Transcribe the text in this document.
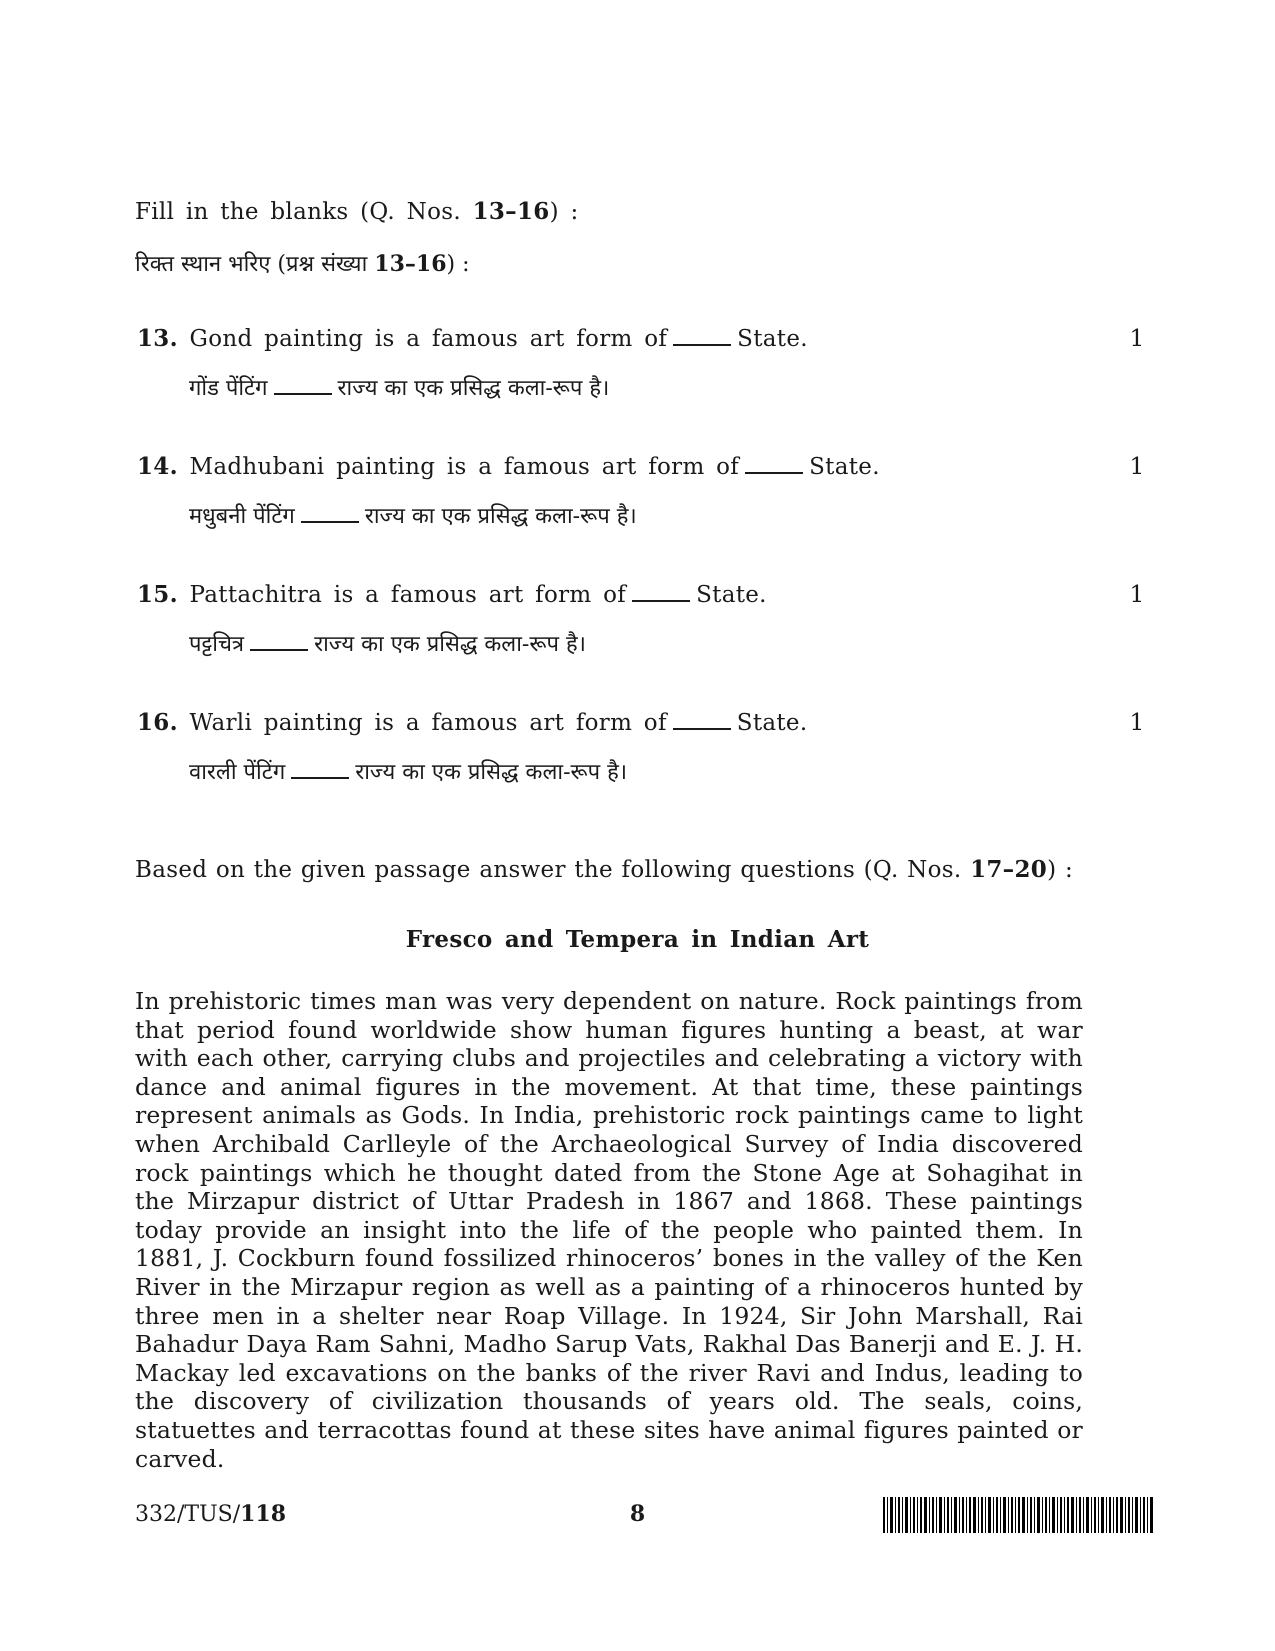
Fill in the blanks (Q. Nos. 13–16) :
रिक्त स्थान भरिए (प्रश्न संख्या 13–16) :
13. Gond painting is a famous art form of	State.	1
गोंड पेंटिंग	राज्य का एक प्रसिद्ध कला-रूप है।
14. Madhubani painting is a famous art form of	State.	1
मधुबनी पेंटिंग	राज्य का एक प्रसिद्ध कला-रूप है।
15. Pattachitra is a famous art form of	State.	1
पट्टचित्र	राज्य का एक प्रसिद्ध कला-रूप है।
16. Warli painting is a famous art form of	State.	1
वारली पेंटिंग	राज्य का एक प्रसिद्ध कला-रूप है।
Based on the given passage answer the following questions (Q. Nos. 17–20) :
Fresco and Tempera in Indian Art
In prehistoric times man was very dependent on nature. Rock paintings from that period found worldwide show human figures hunting a beast, at war with each other, carrying clubs and projectiles and celebrating a victory with dance and animal figures in the movement. At that time, these paintings represent animals as Gods. In India, prehistoric rock paintings came to light when Archibald Carlleyle of the Archaeological Survey of India discovered rock paintings which he thought dated from the Stone Age at Sohagihat in the Mirzapur district of Uttar Pradesh in 1867 and 1868. These paintings today provide an insight into the life of the people who painted them. In 1881, J. Cockburn found fossilized rhinoceros’ bones in the valley of the Ken River in the Mirzapur region as well as a painting of a rhinoceros hunted by three men in a shelter near Roap Village. In 1924, Sir John Marshall, Rai Bahadur Daya Ram Sahni, Madho Sarup Vats, Rakhal Das Banerji and E. J. H. Mackay led excavations on the banks of the river Ravi and Indus, leading to the discovery of civilization thousands of years old. The seals, coins, statuettes and terracottas found at these sites have animal figures painted or carved.
332/TUS/118	8
